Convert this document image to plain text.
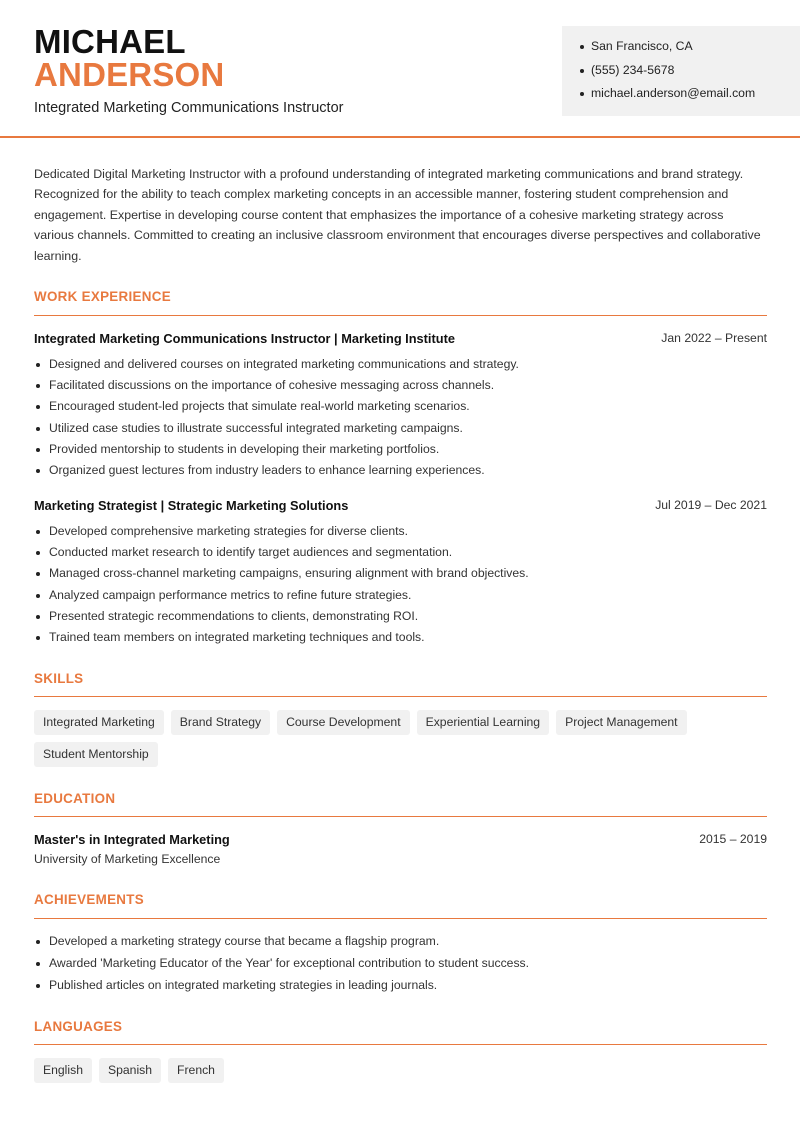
MICHAEL
ANDERSON
Integrated Marketing Communications Instructor
San Francisco, CA
(555) 234-5678
michael.anderson@email.com

Dedicated Digital Marketing Instructor with a profound understanding of integrated marketing communications and brand strategy. Recognized for the ability to teach complex marketing concepts in an accessible manner, fostering student comprehension and engagement. Expertise in developing course content that emphasizes the importance of a cohesive marketing strategy across various channels. Committed to creating an inclusive classroom environment that encourages diverse perspectives and collaborative learning.

WORK EXPERIENCE
Integrated Marketing Communications Instructor | Marketing Institute	Jan 2022 – Present
Designed and delivered courses on integrated marketing communications and strategy.
Facilitated discussions on the importance of cohesive messaging across channels.
Encouraged student-led projects that simulate real-world marketing scenarios.
Utilized case studies to illustrate successful integrated marketing campaigns.
Provided mentorship to students in developing their marketing portfolios.
Organized guest lectures from industry leaders to enhance learning experiences.
Marketing Strategist | Strategic Marketing Solutions	Jul 2019 – Dec 2021
Developed comprehensive marketing strategies for diverse clients.
Conducted market research to identify target audiences and segmentation.
Managed cross-channel marketing campaigns, ensuring alignment with brand objectives.
Analyzed campaign performance metrics to refine future strategies.
Presented strategic recommendations to clients, demonstrating ROI.
Trained team members on integrated marketing techniques and tools.
SKILLS
Integrated Marketing	Brand Strategy	Course Development	Experiential Learning	Project Management
Student Mentorship
EDUCATION
Master's in Integrated Marketing	2015 – 2019
University of Marketing Excellence
ACHIEVEMENTS
Developed a marketing strategy course that became a flagship program.
Awarded 'Marketing Educator of the Year' for exceptional contribution to student success.
Published articles on integrated marketing strategies in leading journals.
LANGUAGES
English	Spanish	French
